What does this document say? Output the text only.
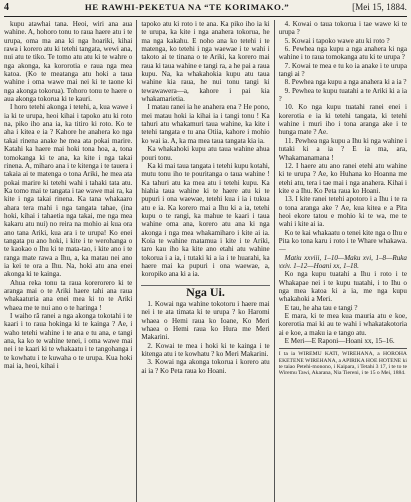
4	HE RAWHI-PEKETUA NA “TE KORIMAKO.”	[Mei 15, 1884.

kupu atawhai tana. Heoi, wiri ana aua wahine. A, hohoro tonu to raua haere atu i te urupa, oma ma ana ki nga hoariki, kihai rawa i korero atu ki tetehi tangata, wewi ana, nui atu te tiko. Te tomo atu atu ki te wahre o nga akonga, ka kororotia e raua nga mea katoa. (Ko te meatanga atu hoki a taua wahine i oma wawe mai nei ki te taone ki nga akonga tokorua). Tohoro tonu te haere o aua akonga tokorua ki te kauri.

I horo tetehi akonga i tetehi, a, kua wawe i ia ki te urupa, heoi kihai i tapoko atu ki roto na, piko iho ana ia, ka titiro ki roto. Ko te aha i kitea e ia ? Kahore he anahera ko nga takai rinena anake he mea ata pokai marire. Katahi ka haere mai hoki tona hoa, a, tona tomokanga ki te ana, ka kite i nga takai rinena. A, miharo ana i te kitenga i te tauera i takaia ai te matenga o tona Ariki, he mea ata pokai marire ki tetehi wahi i tahaki tata atu. Ka tomo mai te tangata i tae wawe mai ra, ka kite i nga takai rinena. Ka tana whakaaro ahara tera mahi i nga tangata tahae, (ina hoki, kihai i tahaetia nga takai, me nga mea kakaru atu nui) no reira na mohio ai kua ora ano tana Ariki, kua ara i te urupa! Ko enei tangata pu ano hoki, i kite i te werohanga o te kaokao o Ihu ki te mata-tao, i kite ano i te ranga mate rawa a Ihu, a, ka matau nei ano ia kei te ora a Ihu. Na, hoki atu ana enei akonga ki te kainga.

Ahua reka tonu ta raua korerorero ki te aranga mai o te Ariki haere tahi ana raua whakaaturia ana enei mea ki to te Ariki whaea me te nui ano o te haringa !

I waiho rā ranei a nga akonga tokotahi i te kaari i to raua hokinga ki te kainga ? Ae, i waho tetehi wahine i te ana e tu ana, e tangi ana, ka ko te wahine tenei, i oma wawe mai nei i te kaari ki te whakaatu i te tangohanga i te kowhatu i te kuwaha o te urupa. Kua hoki mai ia, heoi, kihai i

tapoko atu ki roto i te ana. Ka piko iho ia ki te urupa, ka kite i nga anahera tokorua, he ma nga kakahu. E noho ana ko tetehi i te matenga, ko tetehi i nga waewae i te wahi i takoto ai te tinana o te Ariki, ka korero mai raua ki taua wahine e tangi ra, a he pai a raua kupu. Na, ka whakahokia kupu atu taua wahine kia raua, he nui tonu tangi ki tewawawera—a, kahore i pai kia whakamarietia.

I matau ranei ia he anahera ena ? He pono, mei matau hoki ia kihai ia i tangi tonu ! Ka tahuri atu whakamuri taua wahine, ka kite i tetehi tangata e tu ana Otiia, kahore i mohio ko wai ia. A, ka ma mea taua tangata kia ia.

Ka whakahoki kupu atu taua wahine ahua pouri tonu.

Ka ki mai taua tangata i tetehi kupu kotahi, mutu tonu iho te pouritanga o taua wahine ! Ka tahuri atu ka mea atu i tetehi kupu. Ka hiahia taua wahine ki te haere atu ki te pupuri i ona waewae, tetehi kua i ia i tukua atu e ia. Ka korero mai a Ihu ki a ia, tetehi kupu o te rangi, ka mahue te kaari i taua wahine oma ana, korero atu ana ki nga akonga i nga mea whakamiharo i kite ai ia. Koia te wahine matamua i kite i te Ariki, taro kau iho ka kite ano etahi atu wahine tokorua i a ia, i tutaki ki a ia i te huarahi, ka haere mai ka pupuri i ona waewae, a, koropiko ana ki a ia.

Nga Ui.

1. Kowai nga wahine tokotoru i haere mai nei i te ata timata ki te urupa ? ko Haromi whaea o Hemi raua ko Ioane, Ko Meri whaea o Hemi raua ko Hura me Meri Makarini.

2. Kowai te mea i hoki ki te kainga i te kitenga atu i te kowhatu ? ko Meri Makarini.

3. Kowai nga akonga tokorua i korero atu ai ia ? Ko Peta raua ko Hoani.

4. Kowai o taua tokorua i tae wawe ki te urupa ?

5. Kowai i tapoko wawe atu ki roto ?

6. Pewhea nga kupu a nga anahera ki nga wahine i to raua tomokanga atu ki te urupa ?

7. Kowai te mea e tu ko ia anake i te urupa tangi ai ?

8. Pewhea nga kupu a nga anahera ki a ia ?

9. Pewhea te kupu tuatahi a te Ariki ki a ia ?

10. Ko nga kupu tuatahi ranei enei i korerotia e ia ki tetehi tangata, ki tetehi wahine i muri iho i tona aranga ake i te hunga mate ? Ae.

11. Pewhea nga kupu a Ihu ki nga wahine i tutaki ki a ia ? E ia ma, ara, Whakamanamana !

12. I haere atu ano ranei etehi atu wahine ki te urupa ? Ae, ko Huhana ko Hoanna me etehi atu, tera i tae mai i nga anahera. Kihai i kite e a Ihu. Ko Peta raua ko Hoani.

13. I kite ranei tetehi apotoro i a Ihu i te ra o tona aranga ake ? Ae, kua kitea e a Pita heoi ekore tatou e mohio ki te wa, me te wahi i kite ai ia.

Ko te kai whakaatu o tenei kite nga o Ihu e Pita ko tona karu i roto i te Whare whakawa.—

Matiu xxviii, 1–10—Maku xvi, 1–8—Ruka xxiv. 1–12—Hoani xx, 1–18.

Ko nga kupu tuatahi a Ihu i roto i te Whakapae nei i te kupu tuatahi, i to Ihu o nga mea katoa ki a ia, me nga kupu whakahoki a Meri.

E tau, he aha tau e tangi ?

E mara, ki te mea kua mauria atu e koe, korerotia mai ki au te wahi i whakatakotoria ai e koe, a maku ia e tango atu.

E Meri—E Raponi—Hoani xx, 15–16.

I ta ia WIREMU KATI, WIREHANA, a HOROHA EKETENE WIREHANA, a APIRIKA HOE HOTENE ki te taiao Petehi-monono, i Kaipara, i Tetahi 3 17, i te to te Wiremu Tawi, Akarana, Nia Tiereni, i te 15 o Mei, 1884.
